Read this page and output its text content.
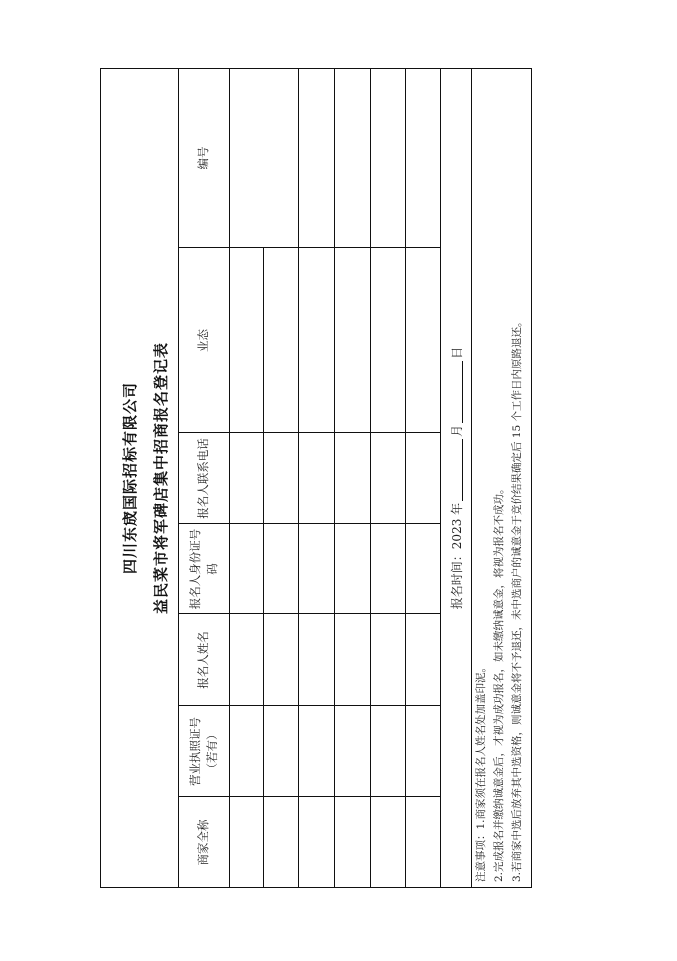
四川东宬国际招标有限公司 益民菜市将军碑店集中招商报名登记表
商家全称
营业执照证号（若有）
报名人姓名
报名人身份证号码
报名人联系电话
业态
编号
报名时间：2023 年
月
日
注意事项：1.商家须在报名人姓名处加盖印泥。 2.完成报名并缴纳诚意金后，才视为成功报名，如未缴纳诚意金，将视为报名不成功。 3.若商家中选后放弃其中选资格，则诚意金将不予退还，未中选商户的诚意金于竞价结果确定后 15 个工作日内原路退还。
